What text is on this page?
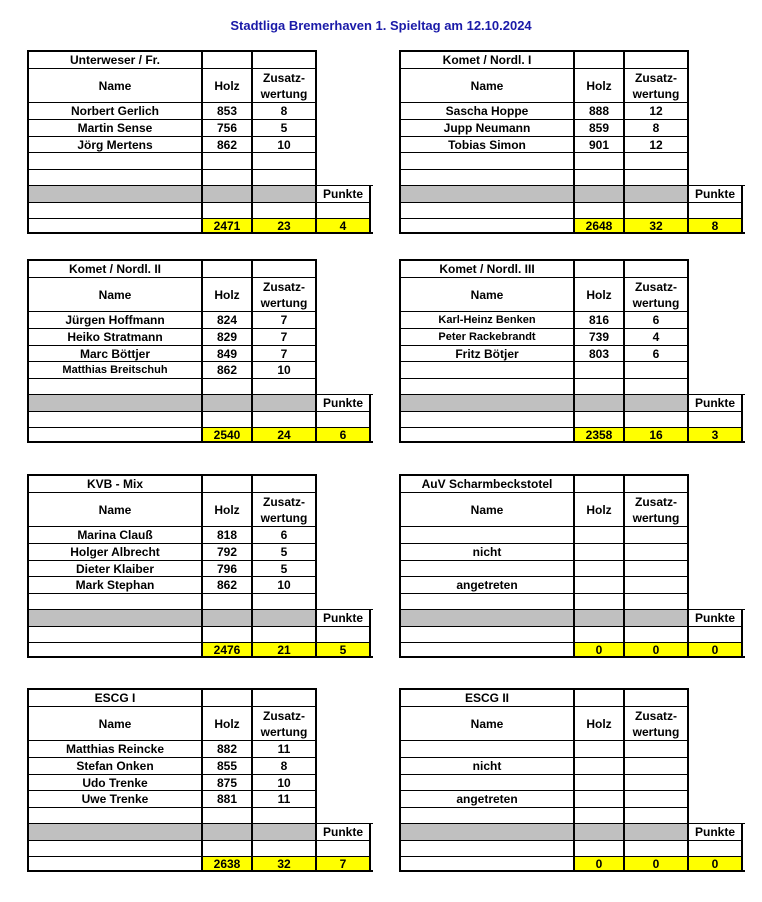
Stadtliga Bremerhaven 1. Spieltag am 12.10.2024
Unterweser / Fr.
Name	Holz
Zusatz-
wertung
Norbert Gerlich	853	8
Martin Sense	756	5
Jörg Mertens	862	10
Punkte
2471	23	4
Komet / Nordl. I
Name	Holz
Zusatz-
wertung
Sascha Hoppe	888	12
Jupp Neumann	859	8
Tobias Simon	901	12
Punkte
2648	32	8
Komet / Nordl. II
Name	Holz
Zusatz-
wertung
Jürgen Hoffmann	824	7
Heiko Stratmann	829	7
Marc Böttjer	849	7
Matthias Breitschuh	862	10
Punkte
2540	24	6
Komet / Nordl. III
Name	Holz
Zusatz-
wertung
Karl-Heinz Benken	816	6
Peter Rackebrandt	739	4
Fritz Bötjer	803	6
Punkte
2358	16	3
KVB - Mix
Name	Holz
Zusatz-
wertung
Marina Clauß	818	6
Holger Albrecht	792	5
Dieter Klaiber	796	5
Mark Stephan	862	10
Punkte
2476	21	5
AuV Scharmbeckstotel
Name	Holz
Zusatz-
wertung
nicht
angetreten
Punkte
0	0	0
ESCG I
Name	Holz
Zusatz-
wertung
Matthias Reincke	882	11
Stefan Onken	855	8
Udo Trenke	875	10
Uwe Trenke	881	11
Punkte
2638	32	7
ESCG II
Name	Holz
Zusatz-
wertung
nicht
angetreten
Punkte
0	0	0
